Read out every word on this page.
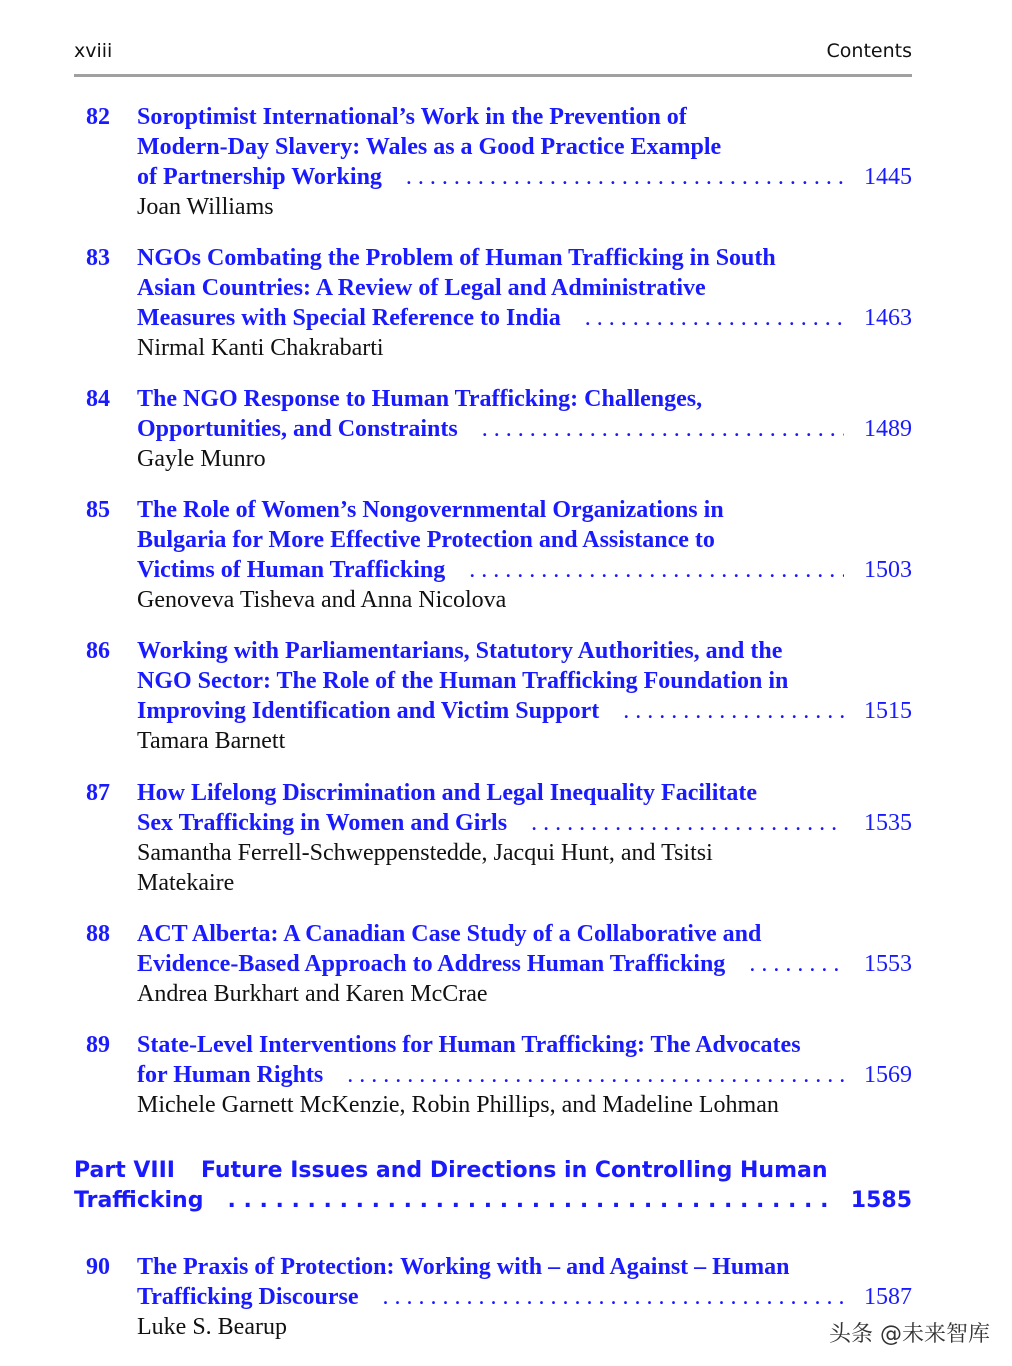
xviii	Contents
82 Soroptimist International’s Work in the Prevention of
Modern-Day Slavery: Wales as a Good Practice Example
of Partnership Working . . .	1445
Joan Williams
83 NGOs Combating the Problem of Human Trafficking in South
Asian Countries: A Review of Legal and Administrative
Measures with Special Reference to India . . .	1463
Nirmal Kanti Chakrabarti
84 The NGO Response to Human Trafficking: Challenges,
Opportunities, and Constraints . . .	1489
Gayle Munro
85 The Role of Women’s Nongovernmental Organizations in
Bulgaria for More Effective Protection and Assistance to
Victims of Human Trafficking . . .	1503
Genoveva Tisheva and Anna Nicolova
86 Working with Parliamentarians, Statutory Authorities, and the
NGO Sector: The Role of the Human Trafficking Foundation in
Improving Identification and Victim Support . . .	1515
Tamara Barnett
87 How Lifelong Discrimination and Legal Inequality Facilitate
Sex Trafficking in Women and Girls . . .	1535
Samantha Ferrell-Schweppenstedde, Jacqui Hunt, and Tsitsi
Matekaire
88 ACT Alberta: A Canadian Case Study of a Collaborative and
Evidence-Based Approach to Address Human Trafficking . . .	1553
Andrea Burkhart and Karen McCrae
89 State-Level Interventions for Human Trafficking: The Advocates
for Human Rights . . .	1569
Michele Garnett McKenzie, Robin Phillips, and Madeline Lohman
Part VIII Future Issues and Directions in Controlling Human
Trafficking . . .	1585
90 The Praxis of Protection: Working with – and Against – Human
Trafficking Discourse . . .	1587
Luke S. Bearup	头条 @未来智库
